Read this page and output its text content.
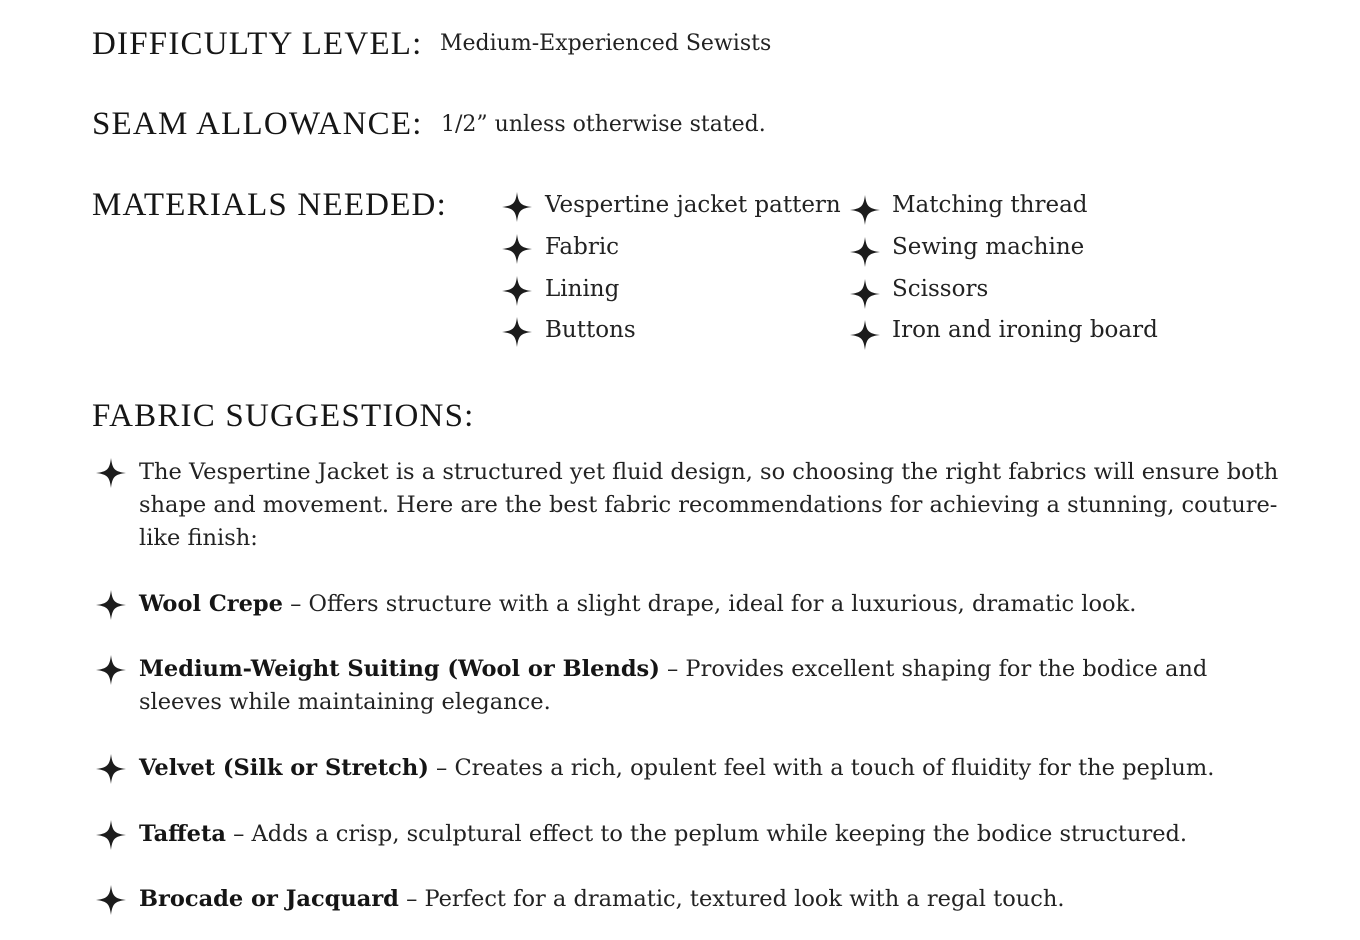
DIFFICULTY LEVEL: Medium-Experienced Sewists
SEAM ALLOWANCE: 1/2” unless otherwise stated.
MATERIALS NEEDED:	Vespertine jacket pattern
Fabric
Lining
Buttons
Matching thread
Sewing machine
Scissors
Iron and ironing board
FABRIC SUGGESTIONS:
The Vespertine Jacket is a structured yet fluid design, so choosing the right fabrics will ensure both shape and movement. Here are the best fabric recommendations for achieving a stunning, couture-like finish:
Wool Crepe – Offers structure with a slight drape, ideal for a luxurious, dramatic look.
Medium-Weight Suiting (Wool or Blends) – Provides excellent shaping for the bodice and sleeves while maintaining elegance.
Velvet (Silk or Stretch) – Creates a rich, opulent feel with a touch of fluidity for the peplum.
Taffeta – Adds a crisp, sculptural effect to the peplum while keeping the bodice structured.
Brocade or Jacquard – Perfect for a dramatic, textured look with a regal touch.
